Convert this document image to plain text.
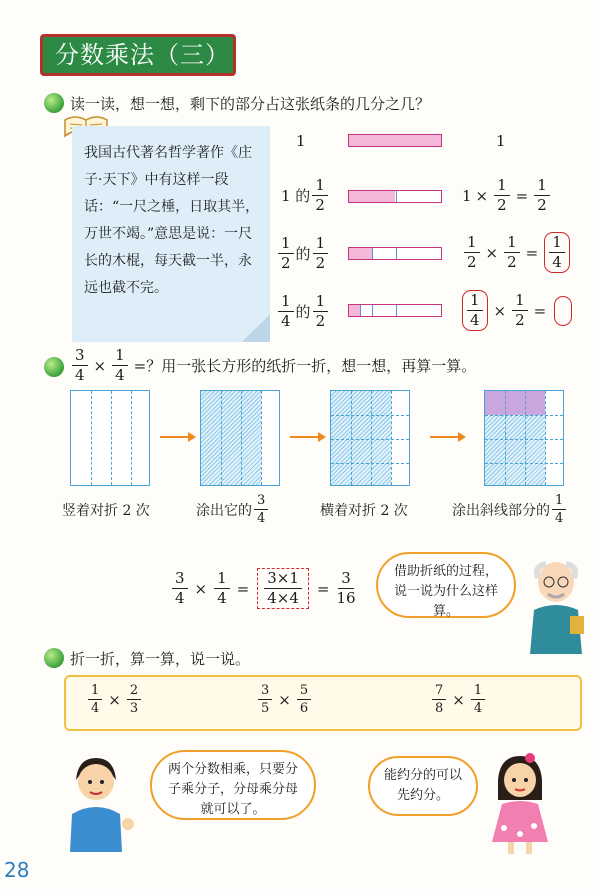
分数乘法（三）
读一读，想一想，剩下的部分占这张纸条的几分之几？

我国古代著名哲学著作《庄子·天下》中有这样一段话：“一尺之棰，日取其半，万世不竭。”意思是说：一尺长的木棍，每天截一半，永远也截不完。

1	1
1 的 $\frac{1}{2}$	$1 \times \frac{1}{2} = \frac{1}{2}$
$\frac{1}{2}$ 的 $\frac{1}{2}$	$\frac{1}{2} \times \frac{1}{2} = \frac{1}{4}$
$\frac{1}{4}$ 的 $\frac{1}{2}$	$\frac{1}{4} \times \frac{1}{2}$ =
$\frac{3}{4} \times \frac{1}{4}$ = ？用一张长方形的纸折一折，想一想，再算一算。
竖着对折 2 次	涂出它的 $\frac{3}{4}$	横着对折 2 次	涂出斜线部分的 $\frac{1}{4}$
$\frac{3}{4} \times \frac{1}{4} = \frac{3\times 1}{4\times 4} = \frac{3}{16}$	借助折纸的过程，说一说为什么这样算。
折一折，算一算，说一说。
$\frac{1}{4} \times \frac{2}{3}$	$\frac{3}{5} \times \frac{5}{6}$	$\frac{7}{8} \times \frac{1}{4}$
两个分数相乘，只要分子乘分子，分母乘分母就可以了。
能约分的可以先约分。
28
